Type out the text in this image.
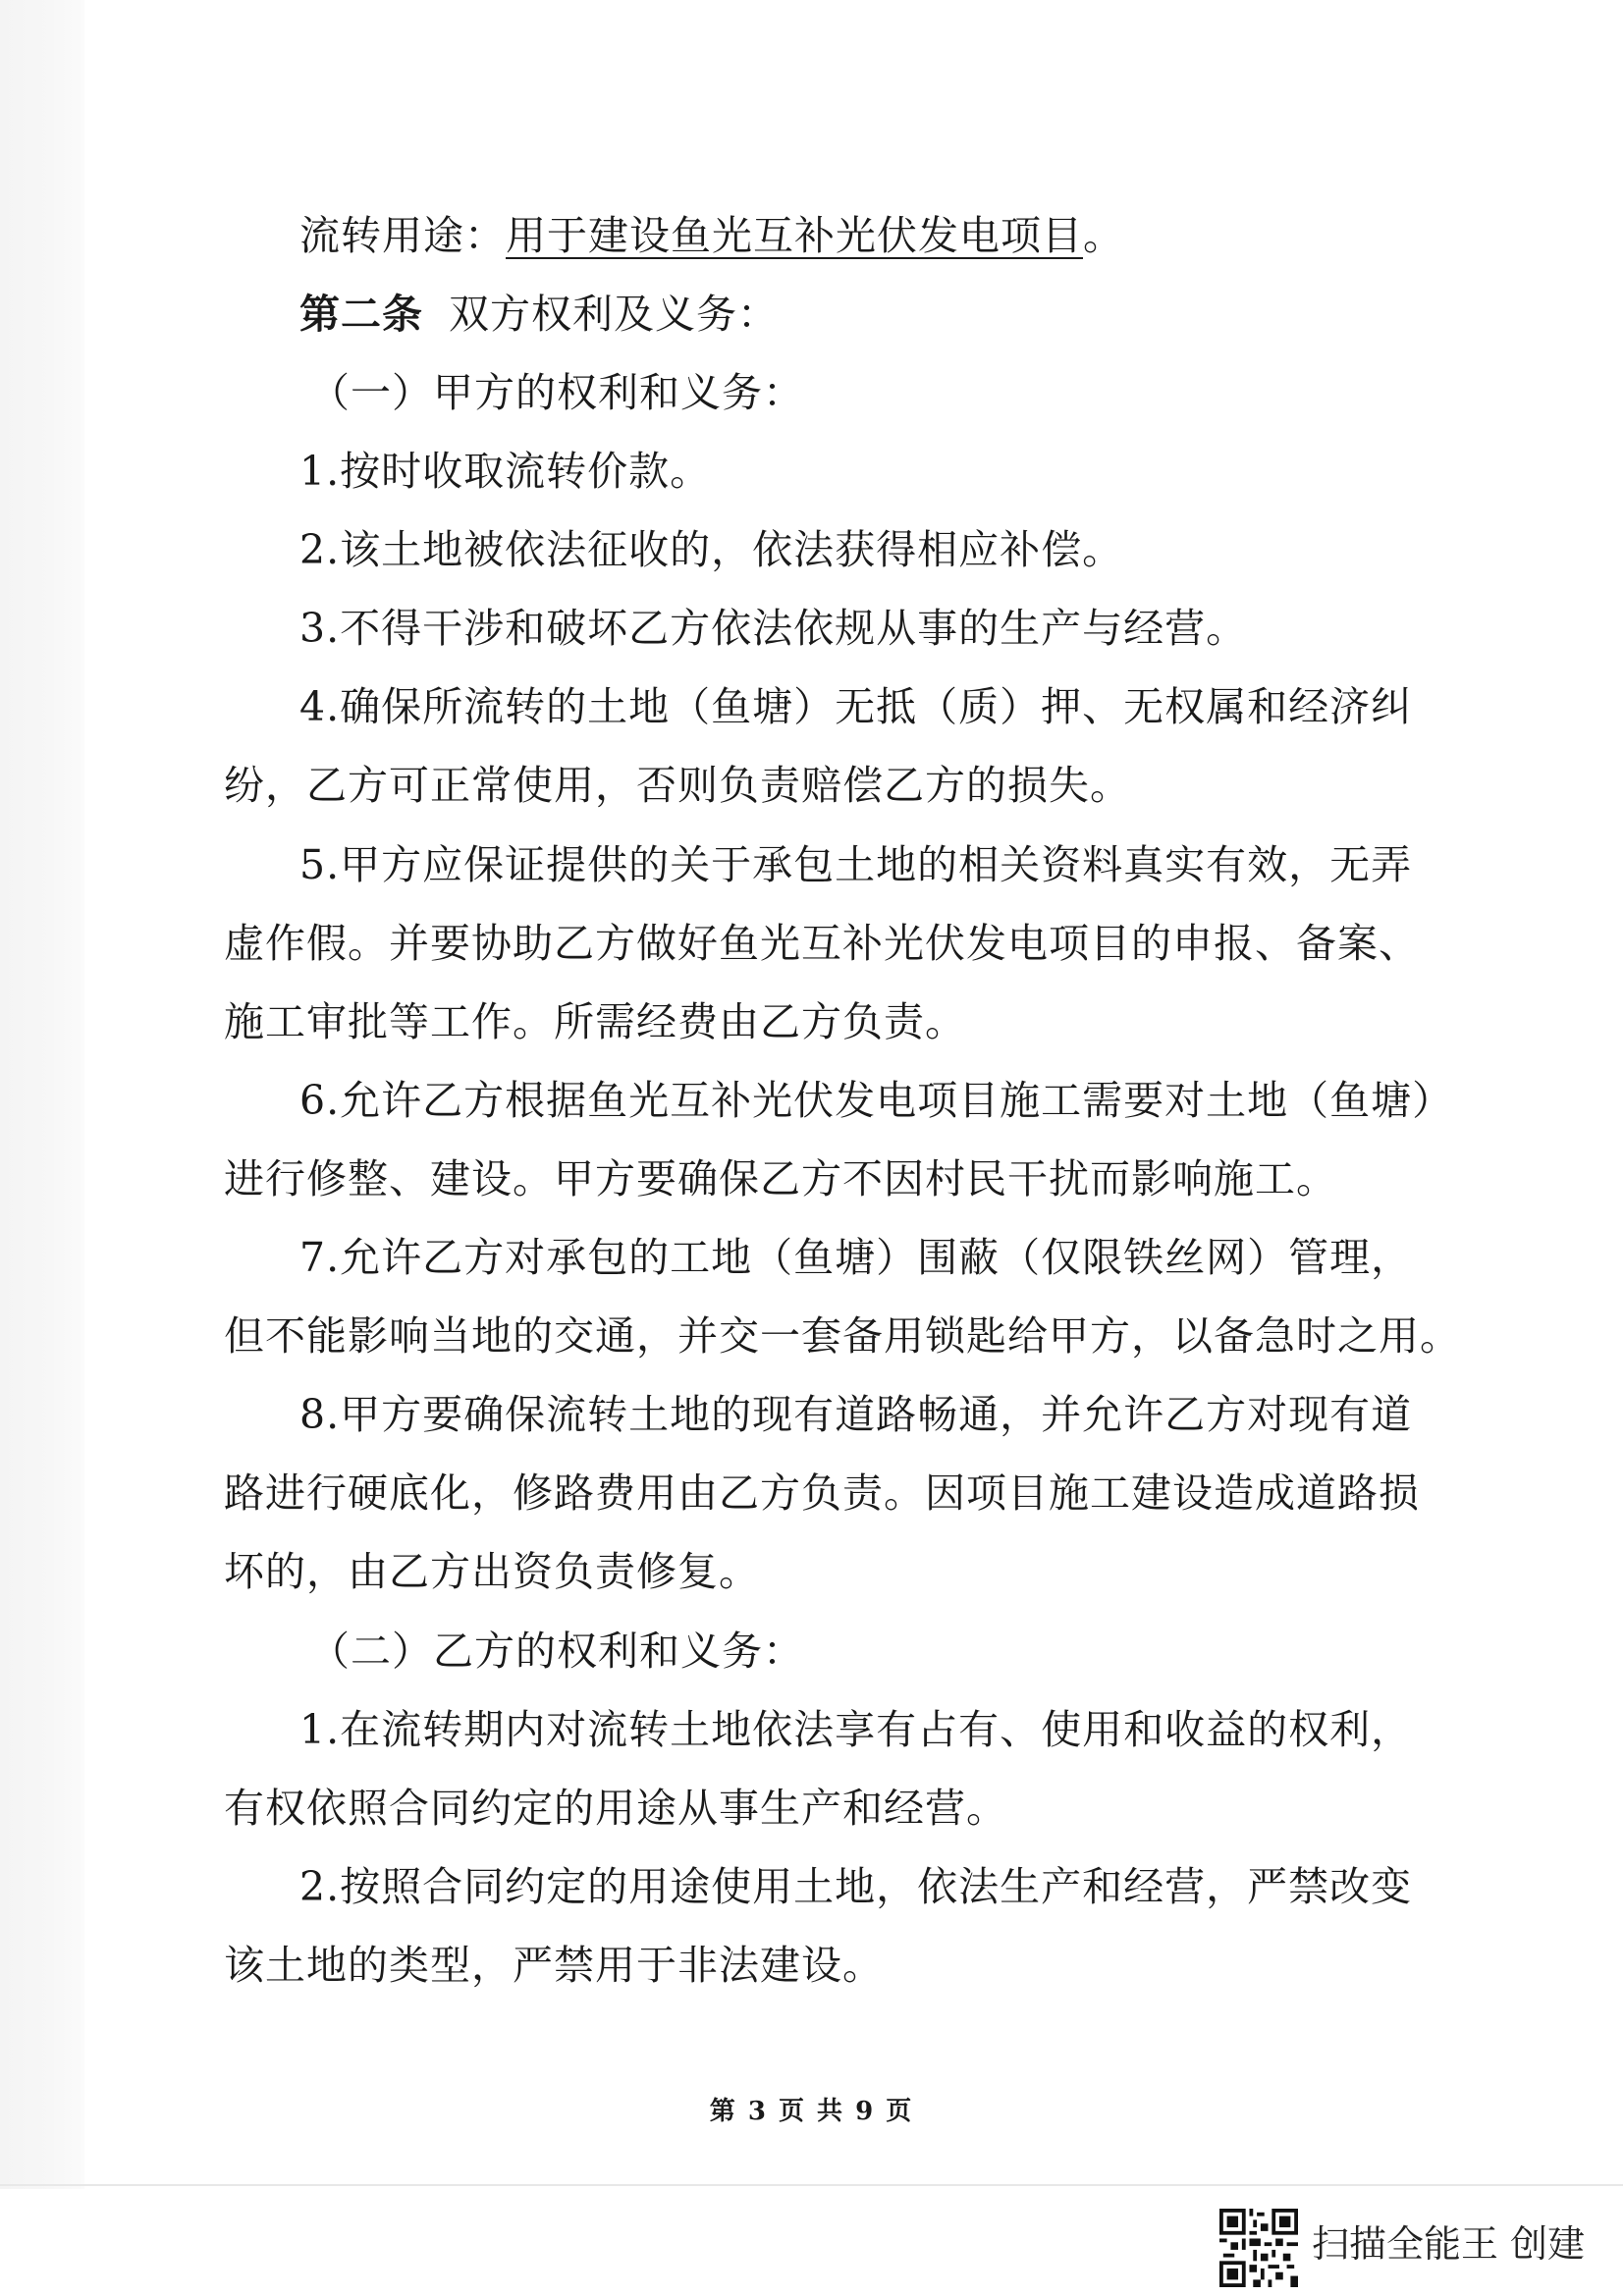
流转用途：用于建设鱼光互补光伏发电项目。
第二条 双方权利及义务：
（一）甲方的权利和义务：
1.按时收取流转价款。
2.该土地被依法征收的，依法获得相应补偿。
3.不得干涉和破坏乙方依法依规从事的生产与经营。
4.确保所流转的土地（鱼塘）无抵（质）押、无权属和经济纠
纷，乙方可正常使用，否则负责赔偿乙方的损失。
5.甲方应保证提供的关于承包土地的相关资料真实有效，无弄
虚作假。并要协助乙方做好鱼光互补光伏发电项目的申报、备案、
施工审批等工作。所需经费由乙方负责。
6.允许乙方根据鱼光互补光伏发电项目施工需要对土地（鱼塘）
进行修整、建设。甲方要确保乙方不因村民干扰而影响施工。
7.允许乙方对承包的工地（鱼塘）围蔽（仅限铁丝网）管理，
但不能影响当地的交通，并交一套备用锁匙给甲方，以备急时之用。
8.甲方要确保流转土地的现有道路畅通，并允许乙方对现有道
路进行硬底化，修路费用由乙方负责。因项目施工建设造成道路损
坏的，由乙方出资负责修复。
（二）乙方的权利和义务：
1.在流转期内对流转土地依法享有占有、使用和收益的权利，
有权依照合同约定的用途从事生产和经营。
2.按照合同约定的用途使用土地，依法生产和经营，严禁改变
该土地的类型，严禁用于非法建设。
第 3 页 共 9 页
扫描全能王 创建
